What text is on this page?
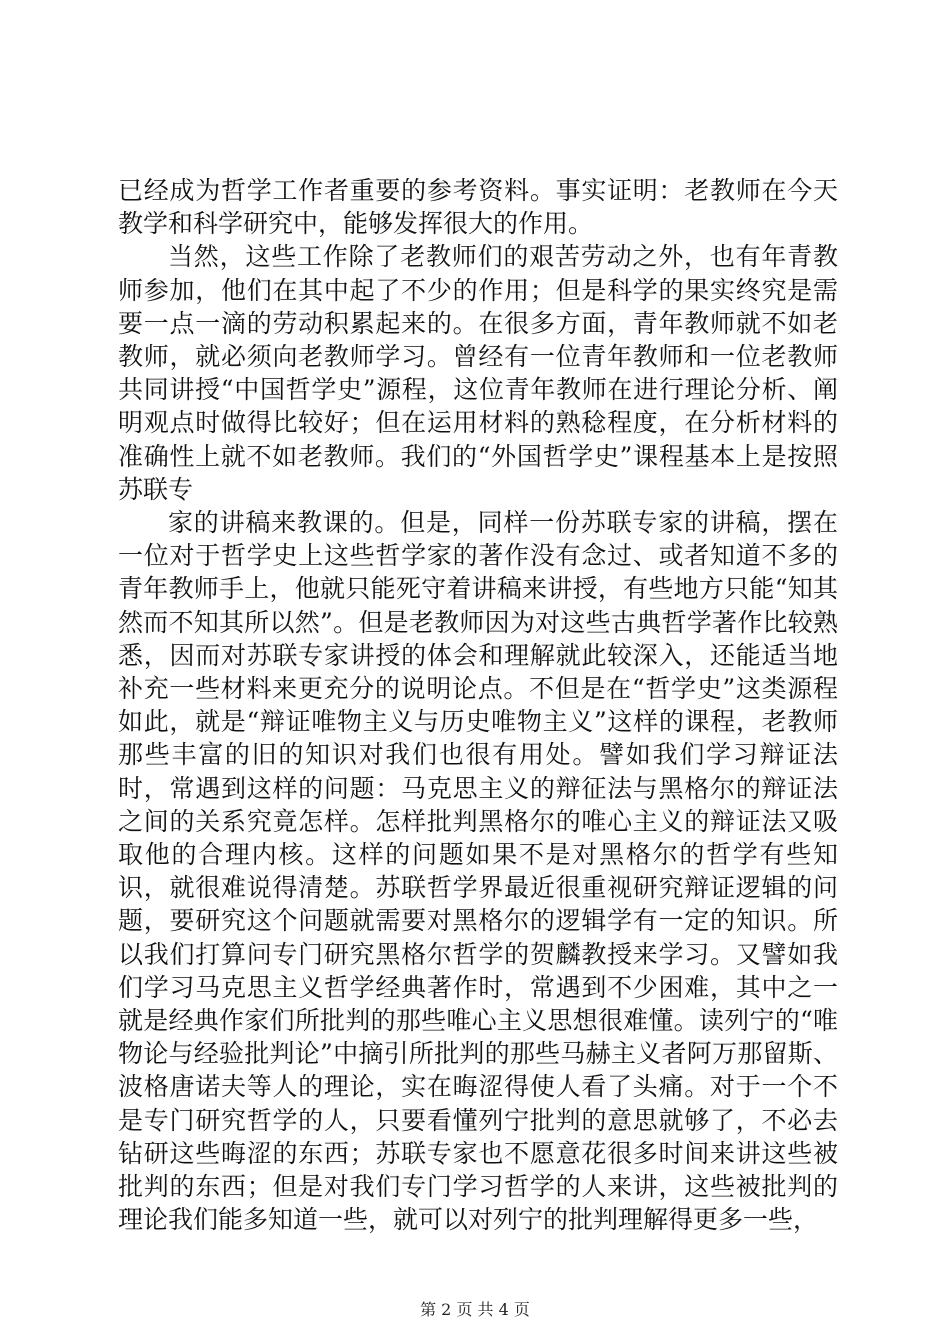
已经成为哲学工作者重要的参考资料。事实证明：老教师在今天教学和科学研究中，能够发挥很大的作用。

当然，这些工作除了老教师们的艰苦劳动之外，也有年青教师参加，他们在其中起了不少的作用；但是科学的果实终究是需要一点一滴的劳动积累起来的。在很多方面，青年教师就不如老教师，就必须向老教师学习。曾经有一位青年教师和一位老教师共同讲授“中国哲学史”源程，这位青年教师在进行理论分析、阐明观点时做得比较好；但在运用材料的熟稔程度，在分析材料的准确性上就不如老教师。我们的“外国哲学史”课程基本上是按照苏联专

家的讲稿来教课的。但是，同样一份苏联专家的讲稿，摆在一位对于哲学史上这些哲学家的著作没有念过、或者知道不多的青年教师手上，他就只能死守着讲稿来讲授，有些地方只能“知其然而不知其所以然”。但是老教师因为对这些古典哲学著作比较熟悉，因而对苏联专家讲授的体会和理解就此较深入，还能适当地补充一些材料来更充分的说明论点。不但是在“哲学史”这类源程如此，就是“辩证唯物主义与历史唯物主义”这样的课程，老教师那些丰富的旧的知识对我们也很有用处。譬如我们学习辩证法时，常遇到这样的问题：马克思主义的辩征法与黑格尔的辩证法之间的关系究竟怎样。怎样批判黑格尔的唯心主义的辩证法又吸取他的合理内核。这样的问题如果不是对黑格尔的哲学有些知识，就很难说得清楚。苏联哲学界最近很重视研究辩证逻辑的问题，要研究这个问题就需要对黑格尔的逻辑学有一定的知识。所以我们打算问专门研究黑格尔哲学的贺麟教授来学习。又譬如我们学习马克思主义哲学经典著作时，常遇到不少困难，其中之一就是经典作家们所批判的那些唯心主义思想很难懂。读列宁的“唯物论与经验批判论”中摘引所批判的那些马赫主义者阿万那留斯、波格唐诺夫等人的理论，实在晦涩得使人看了头痛。对于一个不是专门研究哲学的人，只要看懂列宁批判的意思就够了，不必去钻研这些晦涩的东西；苏联专家也不愿意花很多时间来讲这些被批判的东西；但是对我们专门学习哲学的人来讲，这些被批判的理论我们能多知道一些，就可以对列宁的批判理解得更多一些，

第 2 页 共 4 页
